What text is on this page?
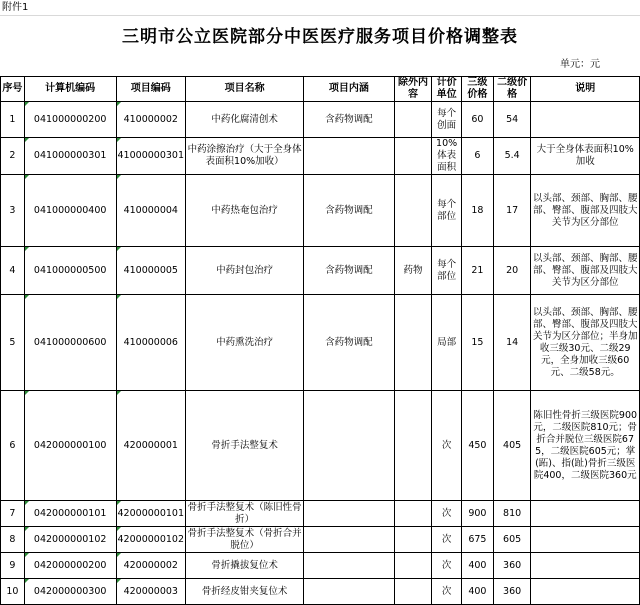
附件1
三明市公立医院部分中医医疗服务项目价格调整表
单元：元
序号	计算机编码	项目编码	项目名称	项目内涵	除外内容	计价单位	三级价格	二级价格	说明
1	041000000200	410000002	中药化腐清创术	含药物调配		每个创面	60	54	
2	041000000301	41000000301	中药涂擦治疗（大于全身体表面积10%加收）			10%体表面积	6	5.4	大于全身体表面积10%加收
3	041000000400	410000004	中药热奄包治疗	含药物调配		每个部位	18	17	以头部、颈部、胸部、腰部、臀部、腹部及四肢大关节为区分部位
4	041000000500	410000005	中药封包治疗	含药物调配	药物	每个部位	21	20	以头部、颈部、胸部、腰部、臀部、腹部及四肢大关节为区分部位
5	041000000600	410000006	中药熏洗治疗	含药物调配		局部	15	14	以头部、颈部、胸部、腰部、臀部、腹部及四肢大关节为区分部位；半身加收三级30元、二级29元，全身加收三级60元、二级58元。
6	042000000100	420000001	骨折手法整复术			次	450	405	陈旧性骨折三级医院900元，二级医院810元；骨折合并脱位三级医院675，二级医院605元；掌(跖)、指(趾)骨折三级医院400，二级医院360元
7	042000000101	42000000101	骨折手法整复术（陈旧性骨折）			次	900	810	
8	042000000102	42000000102	骨折手法整复术（骨折合并脱位）			次	675	605	
9	042000000200	420000002	骨折撬拔复位术			次	400	360	
10	042000000300	420000003	骨折经皮钳夹复位术			次	400	360	
